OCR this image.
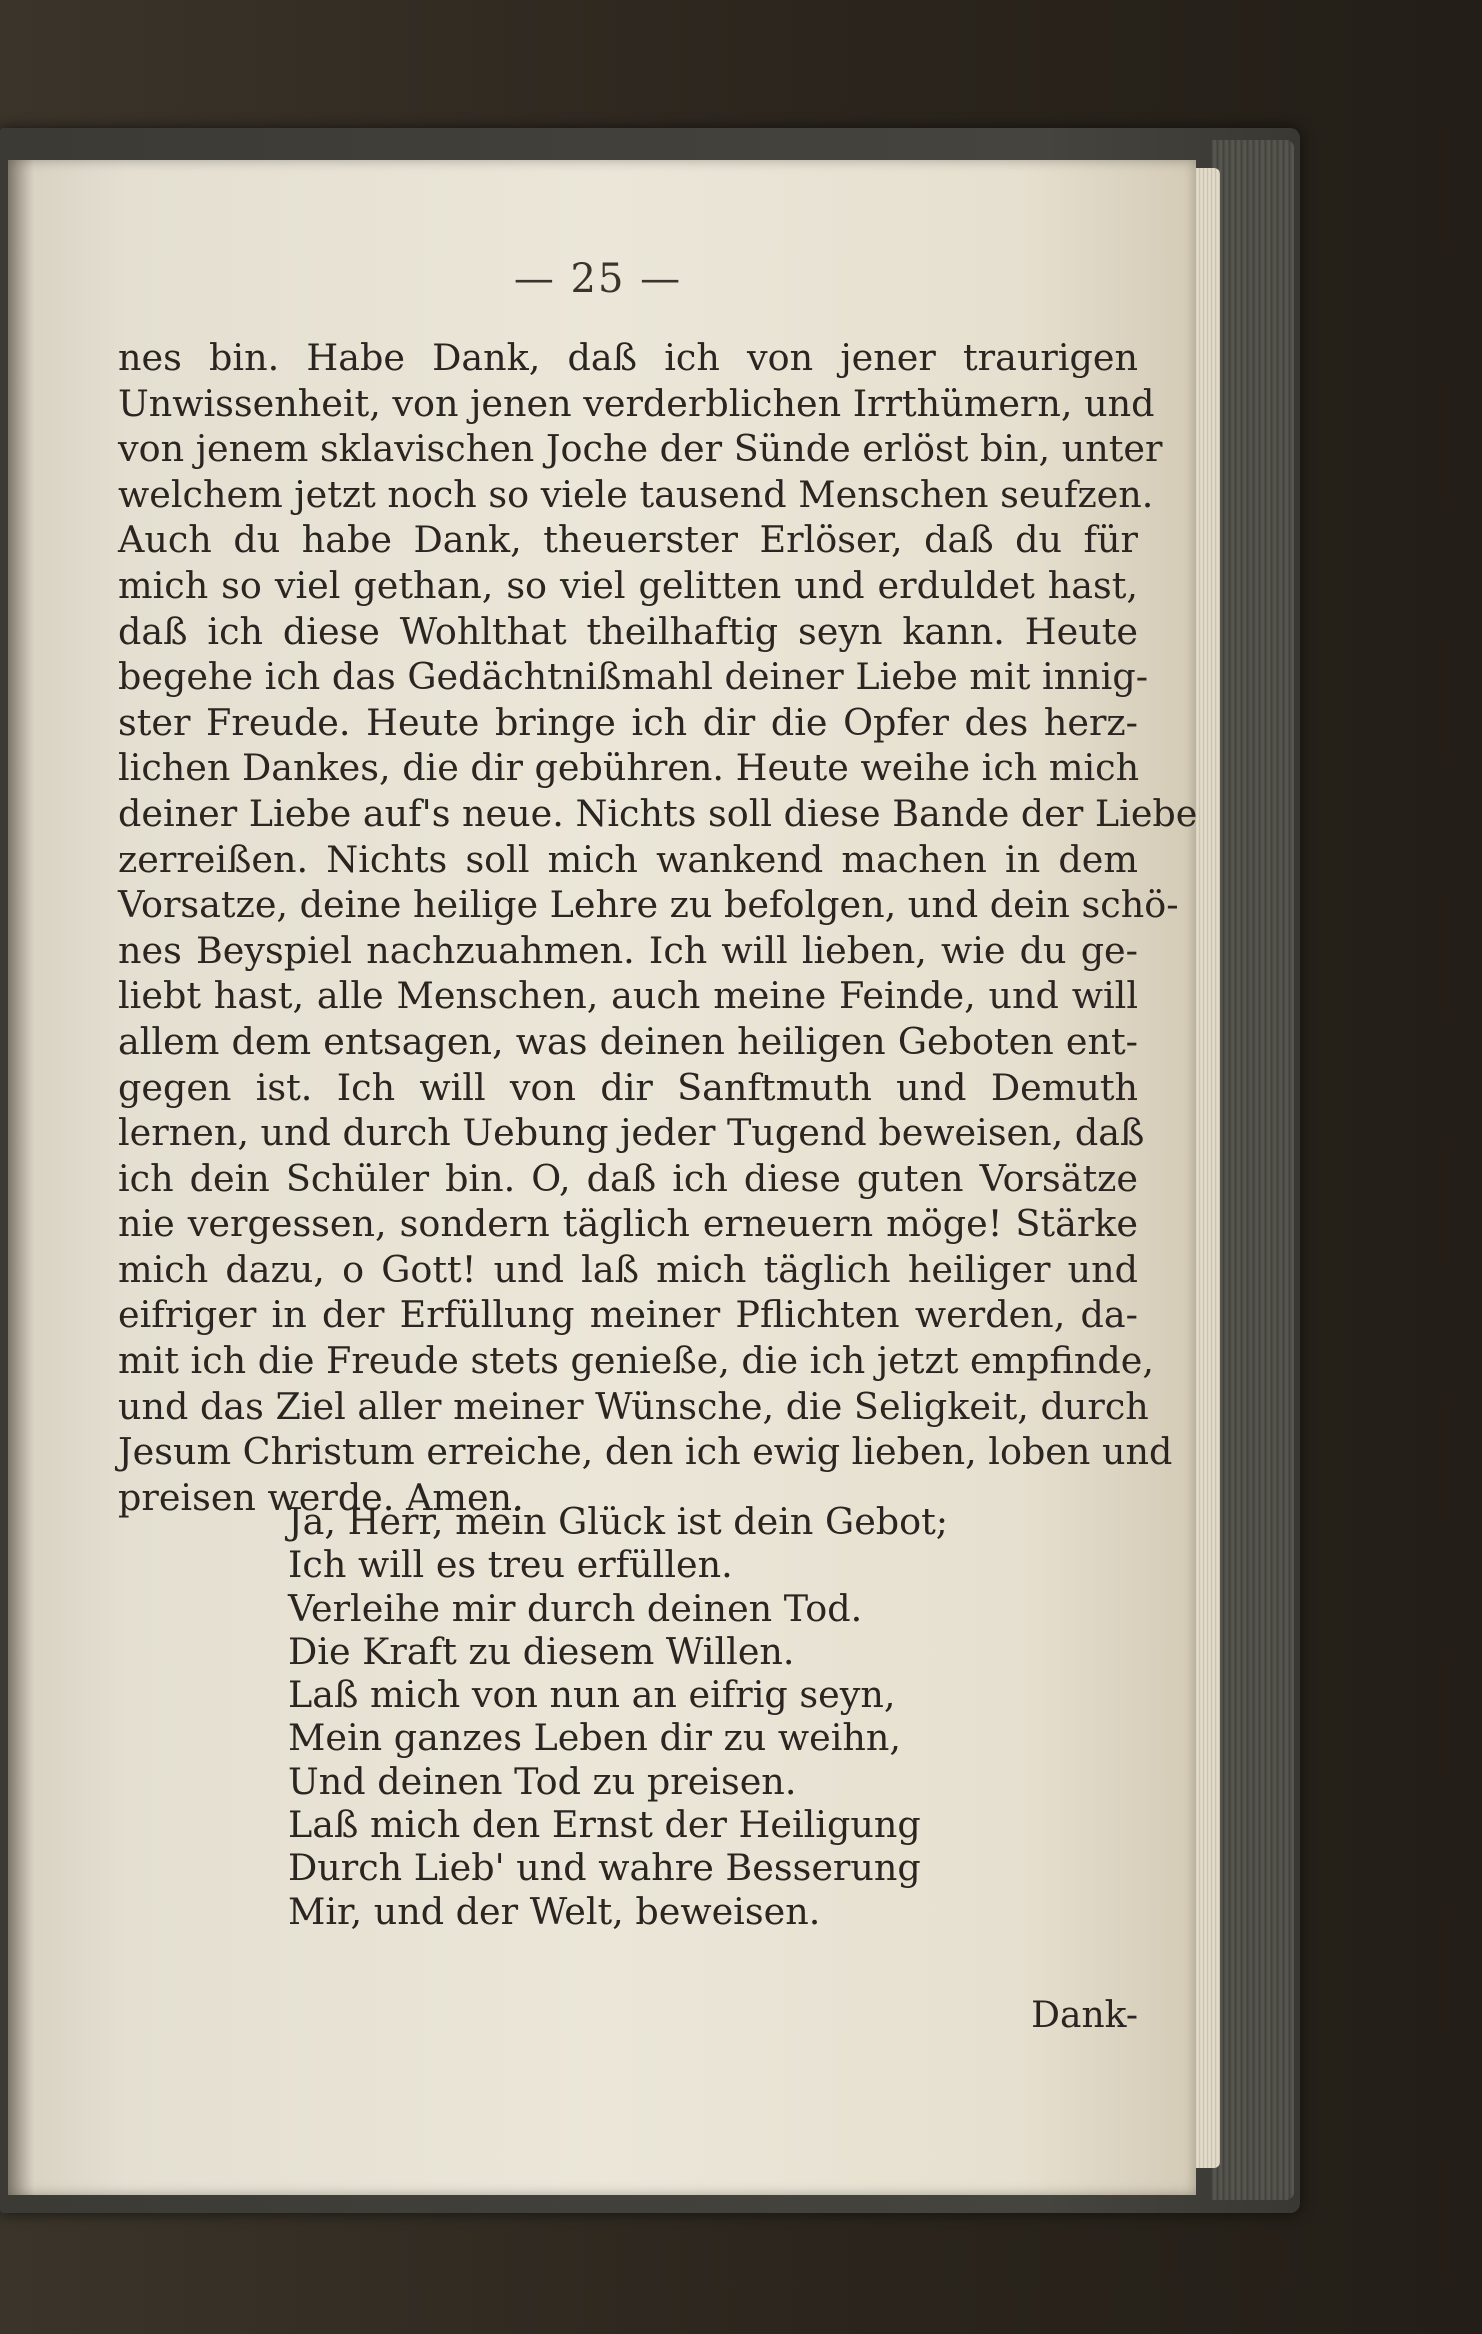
— 25 —
nes bin. Habe Dank, daß ich von jener traurigen
Unwissenheit, von jenen verderblichen Irrthümern, und
von jenem sklavischen Joche der Sünde erlöst bin, unter
welchem jetzt noch so viele tausend Menschen seufzen.
Auch du habe Dank, theuerster Erlöser, daß du für
mich so viel gethan, so viel gelitten und erduldet hast,
daß ich diese Wohlthat theilhaftig seyn kann. Heute
begehe ich das Gedächtnißmahl deiner Liebe mit innig-
ster Freude. Heute bringe ich dir die Opfer des herz-
lichen Dankes, die dir gebühren. Heute weihe ich mich
deiner Liebe auf's neue. Nichts soll diese Bande der Liebe
zerreißen. Nichts soll mich wankend machen in dem
Vorsatze, deine heilige Lehre zu befolgen, und dein schö-
nes Beyspiel nachzuahmen. Ich will lieben, wie du ge-
liebt hast, alle Menschen, auch meine Feinde, und will
allem dem entsagen, was deinen heiligen Geboten ent-
gegen ist. Ich will von dir Sanftmuth und Demuth
lernen, und durch Uebung jeder Tugend beweisen, daß
ich dein Schüler bin. O, daß ich diese guten Vorsätze
nie vergessen, sondern täglich erneuern möge! Stärke
mich dazu, o Gott! und laß mich täglich heiliger und
eifriger in der Erfüllung meiner Pflichten werden, da-
mit ich die Freude stets genieße, die ich jetzt empfinde,
und das Ziel aller meiner Wünsche, die Seligkeit, durch
Jesum Christum erreiche, den ich ewig lieben, loben und
preisen werde. Amen.
Ja, Herr, mein Glück ist dein Gebot;
Ich will es treu erfüllen.
Verleihe mir durch deinen Tod.
Die Kraft zu diesem Willen.
Laß mich von nun an eifrig seyn,
Mein ganzes Leben dir zu weihn,
Und deinen Tod zu preisen.
Laß mich den Ernst der Heiligung
Durch Lieb' und wahre Besserung
Mir, und der Welt, beweisen.
Dank-
